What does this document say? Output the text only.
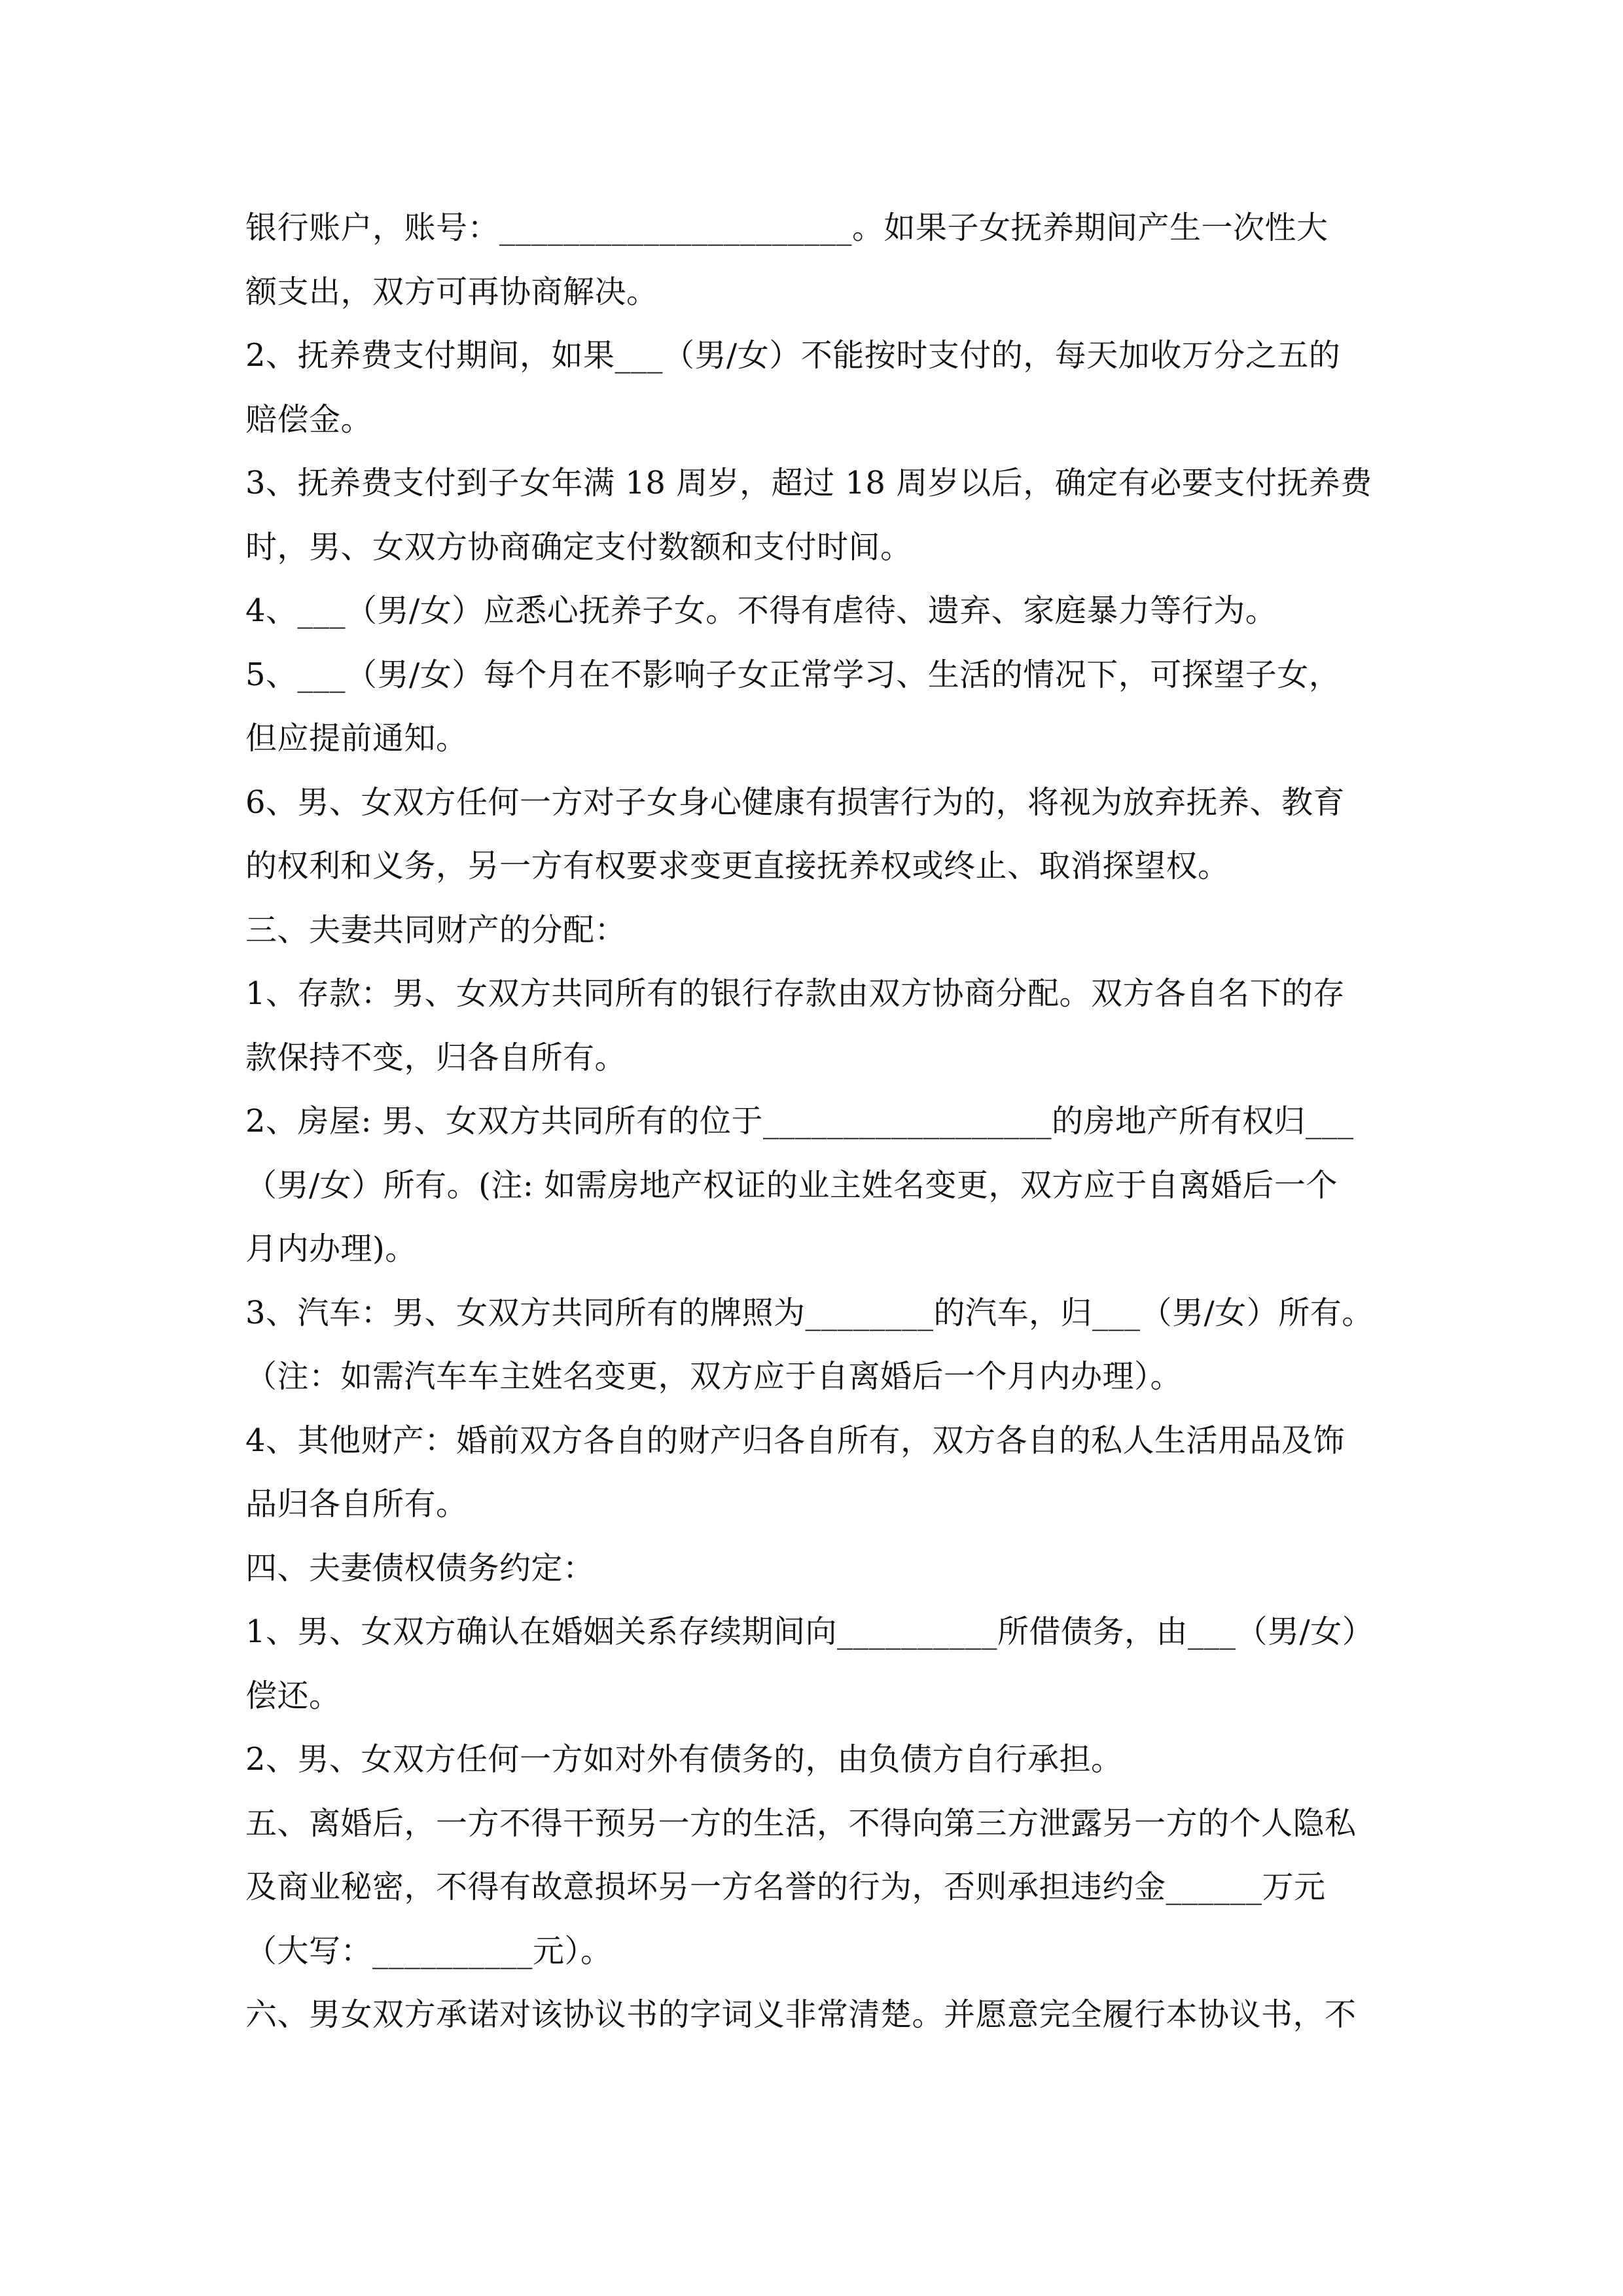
银行账户，账号：______________________。如果子女抚养期间产生一次性大
额支出，双方可再协商解决。
2、抚养费支付期间，如果___（男/女）不能按时支付的，每天加收万分之五的
赔偿金。
3、抚养费支付到子女年满 18 周岁，超过 18 周岁以后，确定有必要支付抚养费
时，男、女双方协商确定支付数额和支付时间。
4、___（男/女）应悉心抚养子女。不得有虐待、遗弃、家庭暴力等行为。
5、___（男/女）每个月在不影响子女正常学习、生活的情况下，可探望子女，
但应提前通知。
6、男、女双方任何一方对子女身心健康有损害行为的，将视为放弃抚养、教育
的权利和义务，另一方有权要求变更直接抚养权或终止、取消探望权。
三、夫妻共同财产的分配：
1、存款：男、女双方共同所有的银行存款由双方协商分配。双方各自名下的存
款保持不变，归各自所有。
2、房屋: 男、女双方共同所有的位于__________________的房地产所有权归___
（男/女）所有。(注: 如需房地产权证的业主姓名变更，双方应于自离婚后一个
月内办理)。
3、汽车：男、女双方共同所有的牌照为________的汽车，归___（男/女）所有。
（注：如需汽车车主姓名变更，双方应于自离婚后一个月内办理）。
4、其他财产：婚前双方各自的财产归各自所有，双方各自的私人生活用品及饰
品归各自所有。
四、夫妻债权债务约定：
1、男、女双方确认在婚姻关系存续期间向__________所借债务，由___（男/女）
偿还。
2、男、女双方任何一方如对外有债务的，由负债方自行承担。
五、离婚后，一方不得干预另一方的生活，不得向第三方泄露另一方的个人隐私
及商业秘密，不得有故意损坏另一方名誉的行为，否则承担违约金______万元
（大写：__________元）。
六、男女双方承诺对该协议书的字词义非常清楚。并愿意完全履行本协议书，不
